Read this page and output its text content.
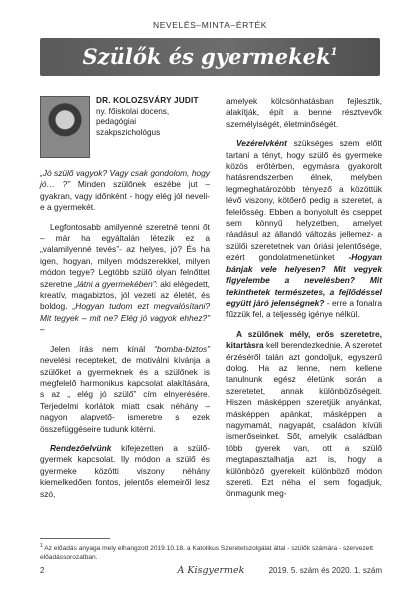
NEVELÉS–MINTA–ÉRTÉK
Szülők és gyermekek$^1$
DR. KOLOZSVÁRY JUDIT
ny. főiskolai docens,
pedagógiai
szakpszichológus

„Jó szülő vagyok? Vagy csak gondolom, hogy jó… ?” Minden szülőnek eszébe jut – gyakran, vagy időnként - hogy elég jól neveli-e a gyermekét.

Legfontosabb amilyenné szeretné tenni őt – már ha egyáltalán létezik ez a „valamilyenné tevés”- az helyes, jó? És ha igen, hogyan, milyen módszerekkel, milyen módon tegye? Legtöbb szülő olyan felnőttet szeretne „látni a gyermekében”: aki elégedett, kreatív, magabiztos, jól vezeti az életét, és boldog. „Hogyan tudom ezt megvalósítani? Mit tegyek – mit ne? Elég jó vagyok ehhez?” –

Jelen írás nem kínál “bomba-biztos” nevelési recepteket, de motiválni kívánja a szülőket a gyermeknek és a szülőnek is megfelelő harmonikus kapcsolat alakítására, s az „ elég jó szülő” cím elnyerésére. Terjedelmi korlátok miatt csak néhány –nagyon alapvető- ismeretre s ezek összefüggéseire tudunk kitérni.

Rendezőelvünk kifejezetten a szülő-gyermek kapcsolat. Ily módon a szülő és gyermeke közötti viszony néhány kiemelkedően fontos, jelentős elemeiről lesz szó,

amelyek kölcsönhatásban fejlesztik, alakítják, épít a benne résztvevők személyiségét, életminőségét.

Vezérelvként szükséges szem előtt tartani a tényt, hogy szülő és gyermeke közös erőtérben, egymásra gyakorolt hatásrendszerben élnek, melyben legmeghatározóbb tényező a közöttük lévő viszony, kötőerő pedig a szeretet, a felelősség. Ebben a bonyolult és cseppet sem könnyű helyzetben, amelyet ráadásul az állandó változás jellemez- a szülői szeretetnek van óriási jelentősége, ezért gondolatmenetünket -Hogyan bánjak vele helyesen? Mit vegyek figyelembe a nevelésben? Mit tekinthetek természetes, a fejlődéssel együtt járó jelenségnek? - erre a fonalra fűzzük fel, a teljesség igénye nélkül.

A szülőnek mély, erős szeretetre, kitartásra kell berendezkednie. A szeretet érzéséről talán azt gondoljuk, egyszerű dolog. Ha az lenne, nem kellene tanulnunk egész életünk során a szeretetet, annak különbözőségeit. Hiszen másképpen szeretjük anyánkat, másképpen apánkat, másképpen a nagymamát, nagyapát, családon kívüli ismerőseinket. Sőt, amelyik családban több gyerek van, ott a szülő megtapasztalhatja azt is, hogy a különböző gyerekeit különböző módon szereti. Ezt néha el sem fogadjuk, önmagunk meg-

$^1$ Az előadás anyaga mely elhangzott 2019.10.18. a Katolikus Szeretetszolgálat által - szülők számára - szervezett előadássorozatban.
2	A Kisgyermek	2019. 5. szám és 2020. 1. szám
